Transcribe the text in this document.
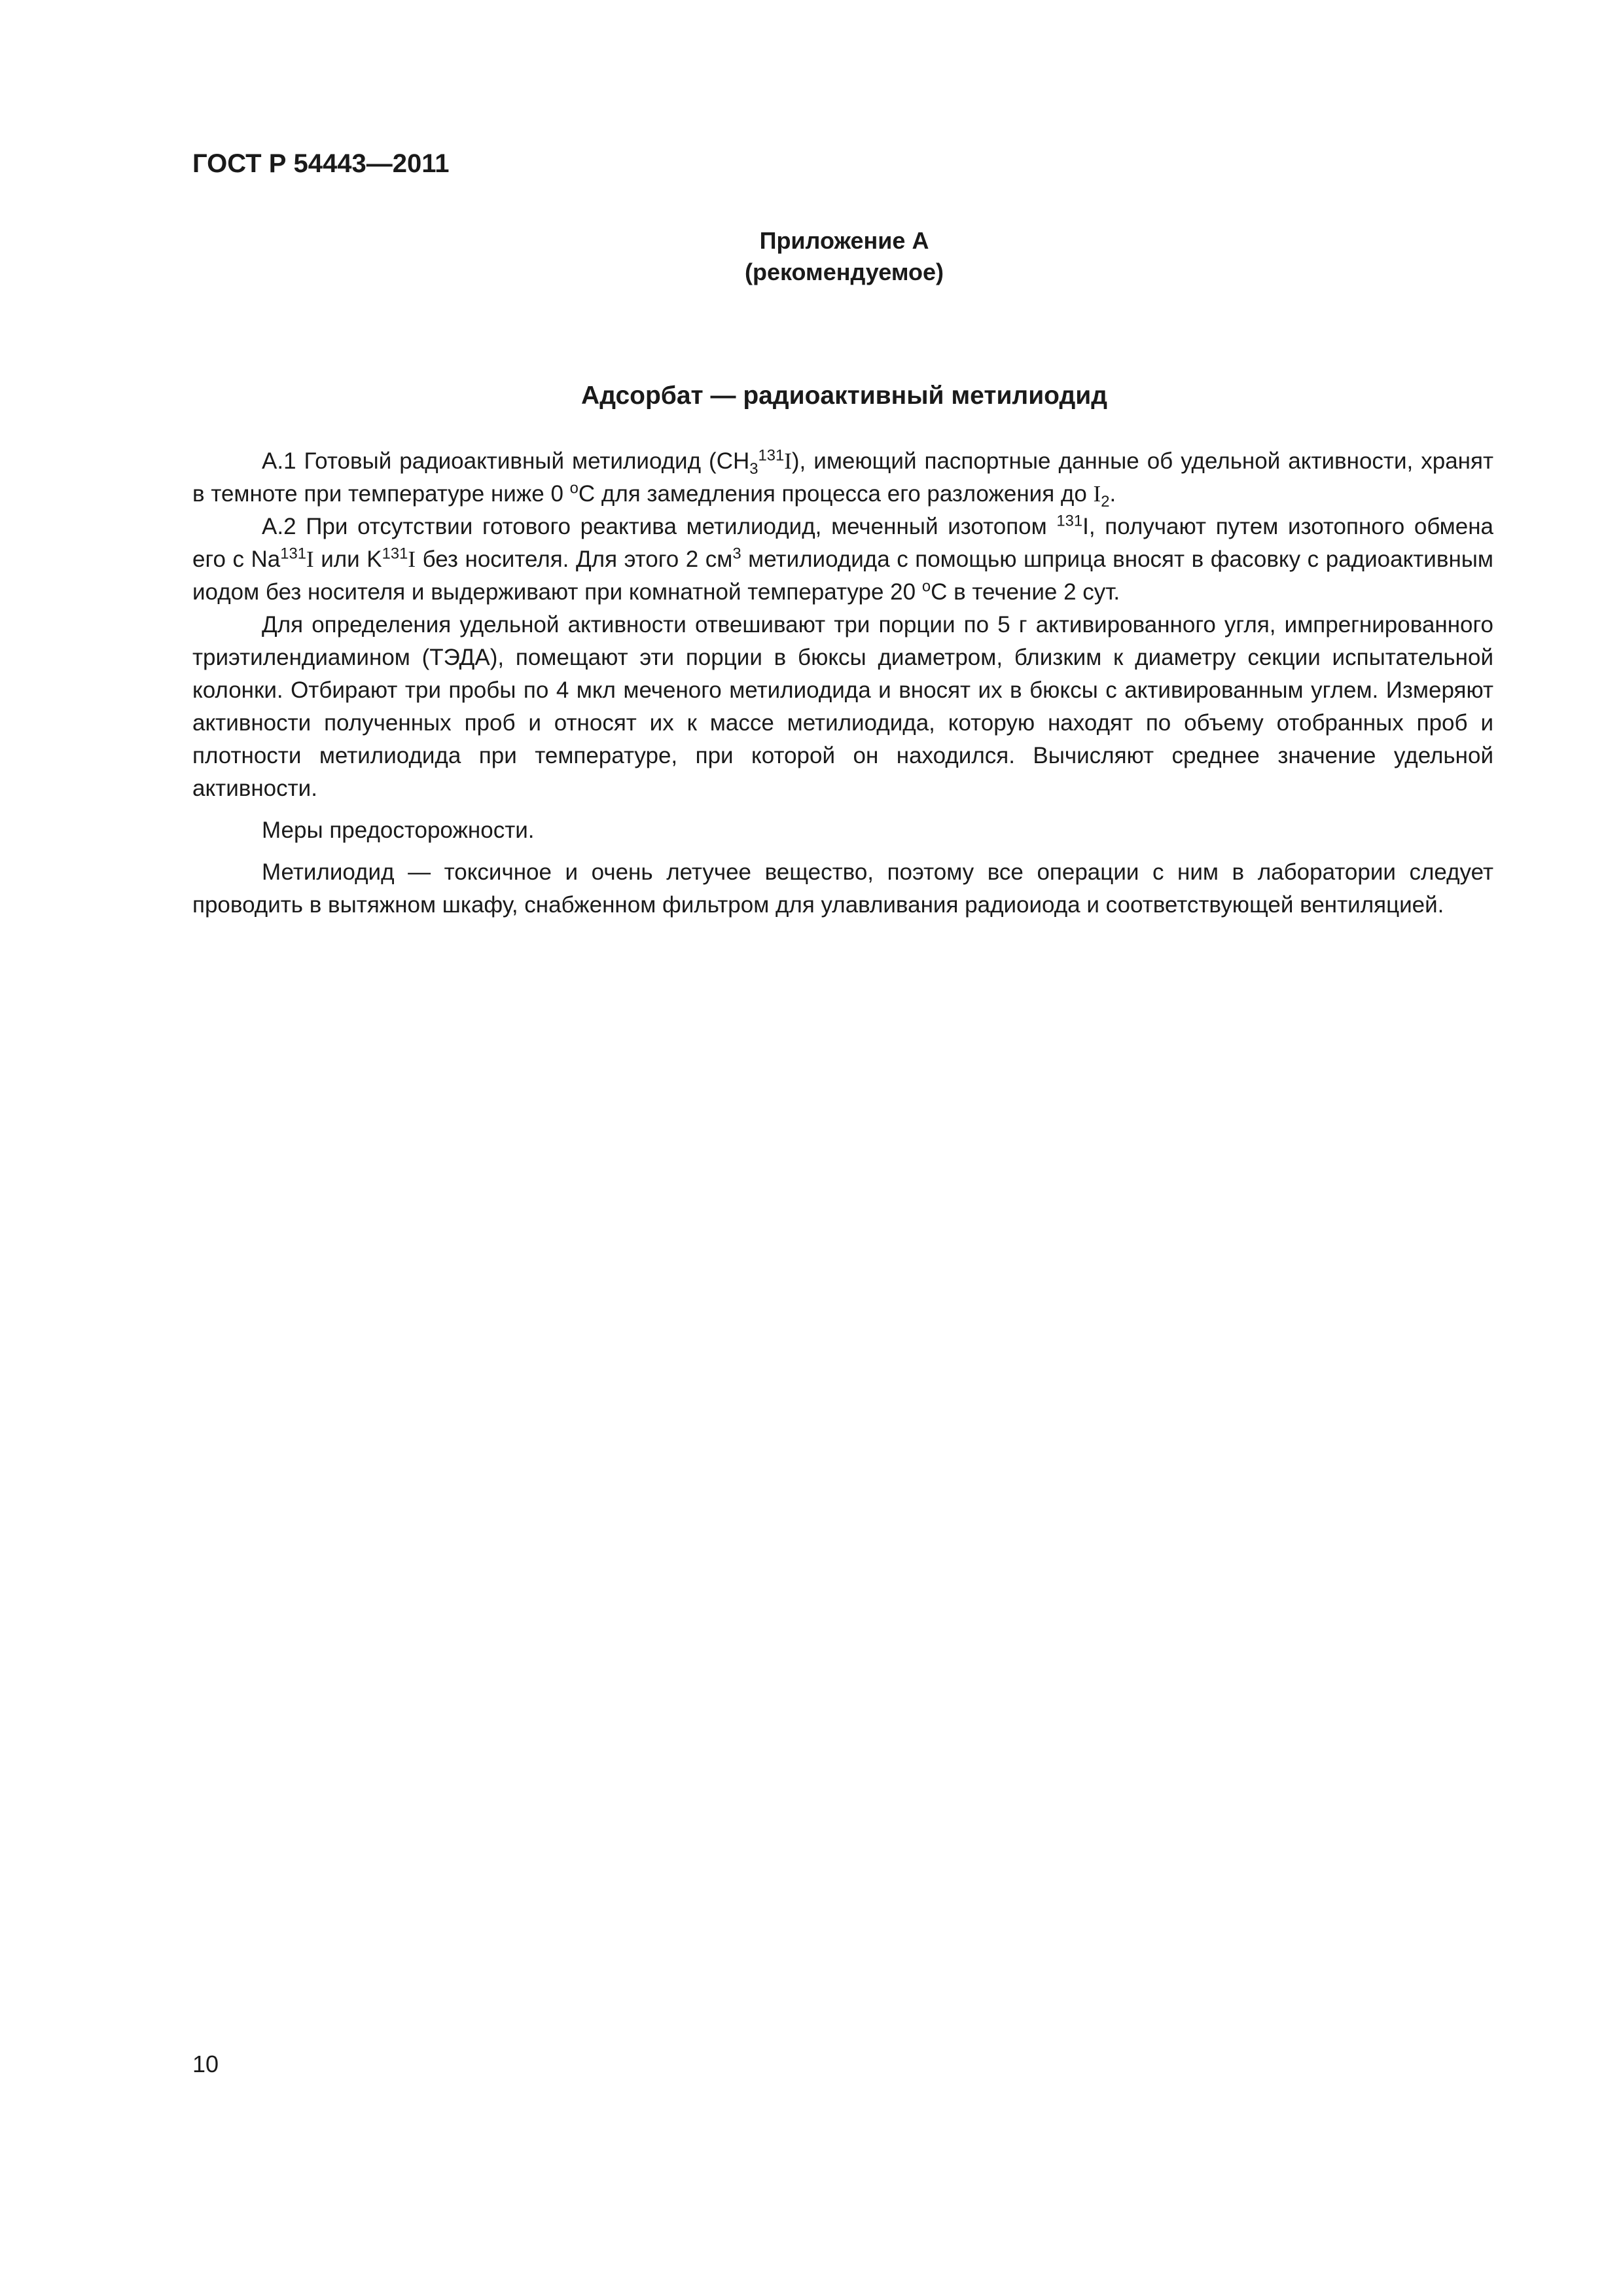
ГОСТ Р 54443—2011
Приложение А
(рекомендуемое)
Адсорбат — радиоактивный метилиодид

А.1 Готовый радиоактивный метилиодид $(CH_3^{131}I)$, имеющий паспортные данные об удельной активности, хранят в темноте при температуре ниже 0 $^o$С для замедления процесса его разложения до $I_2$.

А.2 При отсутствии готового реактива метилиодид, меченный изотопом $^{131}$I, получают путем изотопного обмена его с Na$^{131}$I или $K^{131}I$ без носителя. Для этого 2 $см^3$ метилиодида с помощью шприца вносят в фасовку с радиоактивным иодом без носителя и выдерживают при комнатной температуре 20 $^o$С в течение 2 сут.

Для определения удельной активности отвешивают три порции по 5 г активированного угля, импрегнированного триэтилендиамином (ТЭДА), помещают эти порции в бюксы диаметром, близким к диаметру секции испытательной колонки. Отбирают три пробы по 4 мкл меченого метилиодида и вносят их в бюксы с активированным углем. Измеряют активности полученных проб и относят их к массе метилиодида, которую находят по объему отобранных проб и плотности метилиодида при температуре, при которой он находился. Вычисляют среднее значение удельной активности.

Меры предосторожности.

Метилиодид — токсичное и очень летучее вещество, поэтому все операции с ним в лаборатории следует проводить в вытяжном шкафу, снабженном фильтром для улавливания радиоиода и соответствующей вентиляцией.

10
